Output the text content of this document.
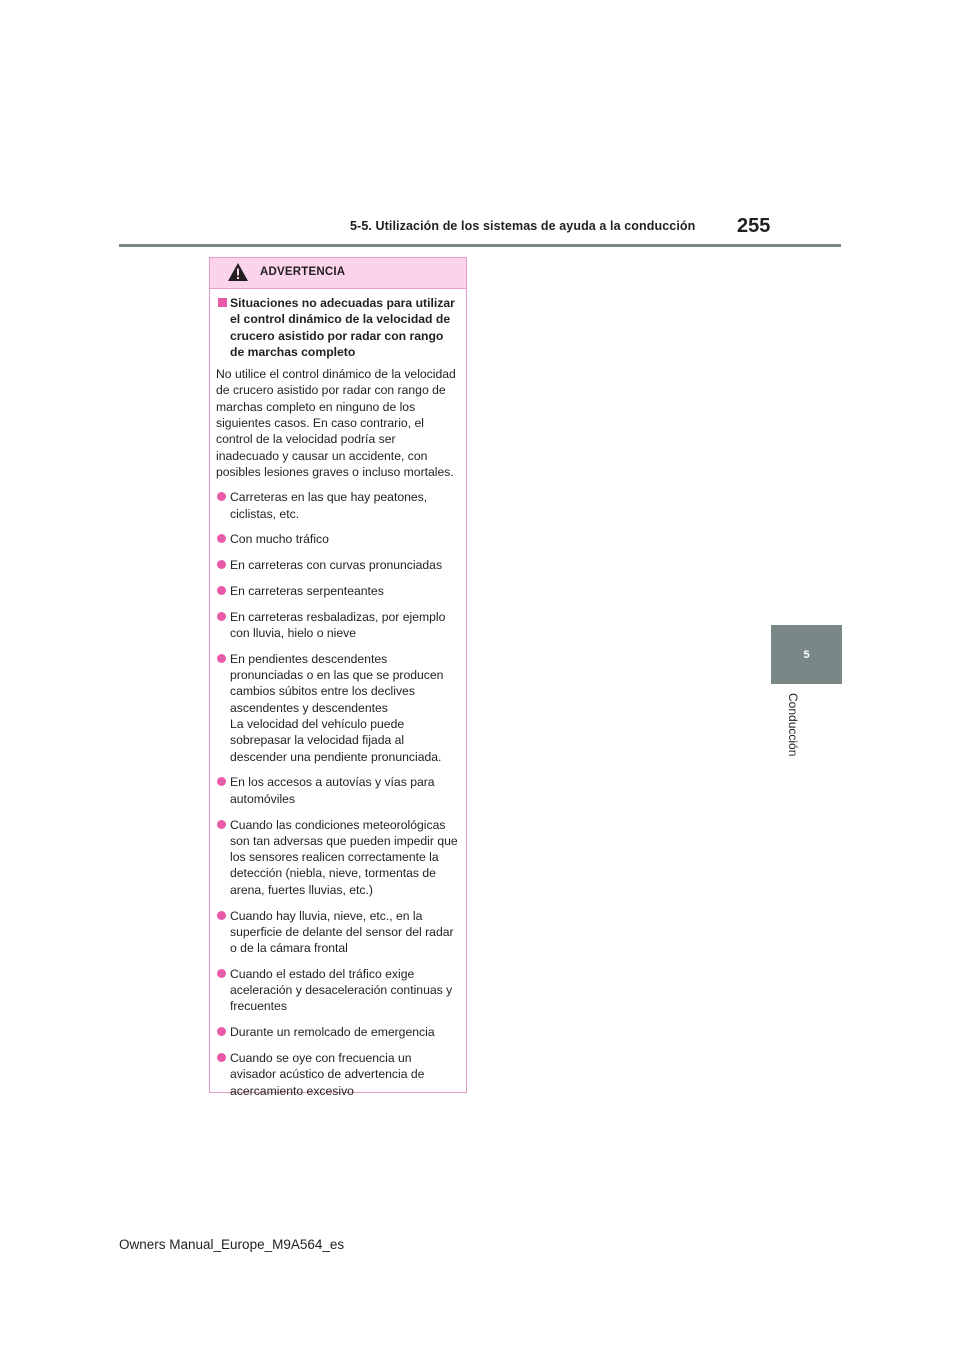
5-5. Utilización de los sistemas de ayuda a la conducción 255
5
Conducción
ADVERTENCIA
Situaciones no adecuadas para utilizar el control dinámico de la velocidad de crucero asistido por radar con rango de marchas completo
No utilice el control dinámico de la velocidad de crucero asistido por radar con rango de marchas completo en ninguno de los siguientes casos. En caso contrario, el control de la velocidad podría ser inadecuado y causar un accidente, con posibles lesiones graves o incluso mortales.
Carreteras en las que hay peatones, ciclistas, etc.
Con mucho tráfico
En carreteras con curvas pronunciadas
En carreteras serpenteantes
En carreteras resbaladizas, por ejemplo con lluvia, hielo o nieve
En pendientes descendentes pronunciadas o en las que se producen cambios súbitos entre los declives ascendentes y descendentes
La velocidad del vehículo puede sobrepasar la velocidad fijada al descender una pendiente pronunciada.
En los accesos a autovías y vías para automóviles
Cuando las condiciones meteorológicas son tan adversas que pueden impedir que los sensores realicen correctamente la detección (niebla, nieve, tormentas de arena, fuertes lluvias, etc.)
Cuando hay lluvia, nieve, etc., en la superficie de delante del sensor del radar o de la cámara frontal
Cuando el estado del tráfico exige aceleración y desaceleración continuas y frecuentes
Durante un remolcado de emergencia
Cuando se oye con frecuencia un avisador acústico de advertencia de acercamiento excesivo
Owners Manual_Europe_M9A564_es
